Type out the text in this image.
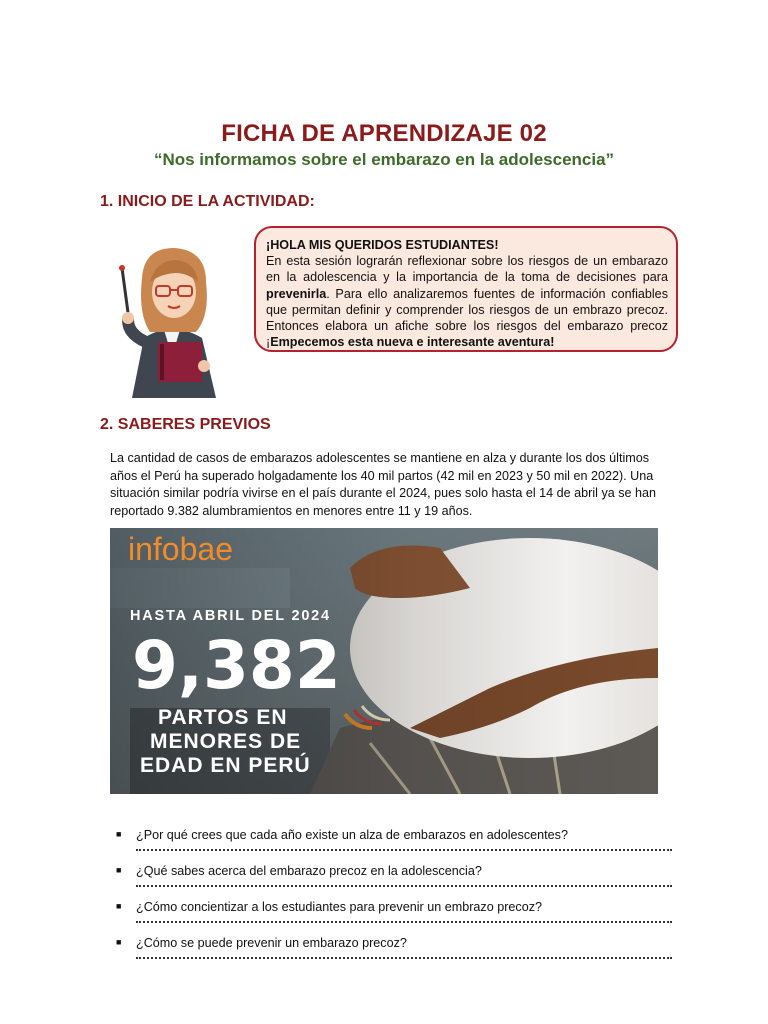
FICHA DE APRENDIZAJE 02
“Nos informamos sobre el embarazo en la adolescencia”
1. INICIO DE LA ACTIVIDAD:
¡HOLA MIS QUERIDOS ESTUDIANTES!
En esta sesión lograrán reflexionar sobre los riesgos de un embarazo en la adolescencia y la importancia de la toma de decisiones para prevenirla. Para ello analizaremos fuentes de información confiables que permitan definir y comprender los riesgos de un embrazo precoz. Entonces elabora un afiche sobre los riesgos del embarazo precoz ¡Empecemos esta nueva e interesante aventura!
2. SABERES PREVIOS
La cantidad de casos de embarazos adolescentes se mantiene en alza y durante los dos últimos años el Perú ha superado holgadamente los 40 mil partos (42 mil en 2023 y 50 mil en 2022). Una situación similar podría vivirse en el país durante el 2024, pues solo hasta el 14 de abril ya se han reportado 9.382 alumbramientos en menores entre 11 y 19 años.
infobae
HASTA ABRIL DEL 2024
9,382
PARTOS EN
MENORES DE
EDAD EN PERÚ
■ ¿Por qué crees que cada año existe un alza de embarazos en adolescentes?
■ ¿Qué sabes acerca del embarazo precoz en la adolescencia?
■ ¿Cómo concientizar a los estudiantes para prevenir un embrazo precoz?
■ ¿Cómo se puede prevenir un embarazo precoz?
